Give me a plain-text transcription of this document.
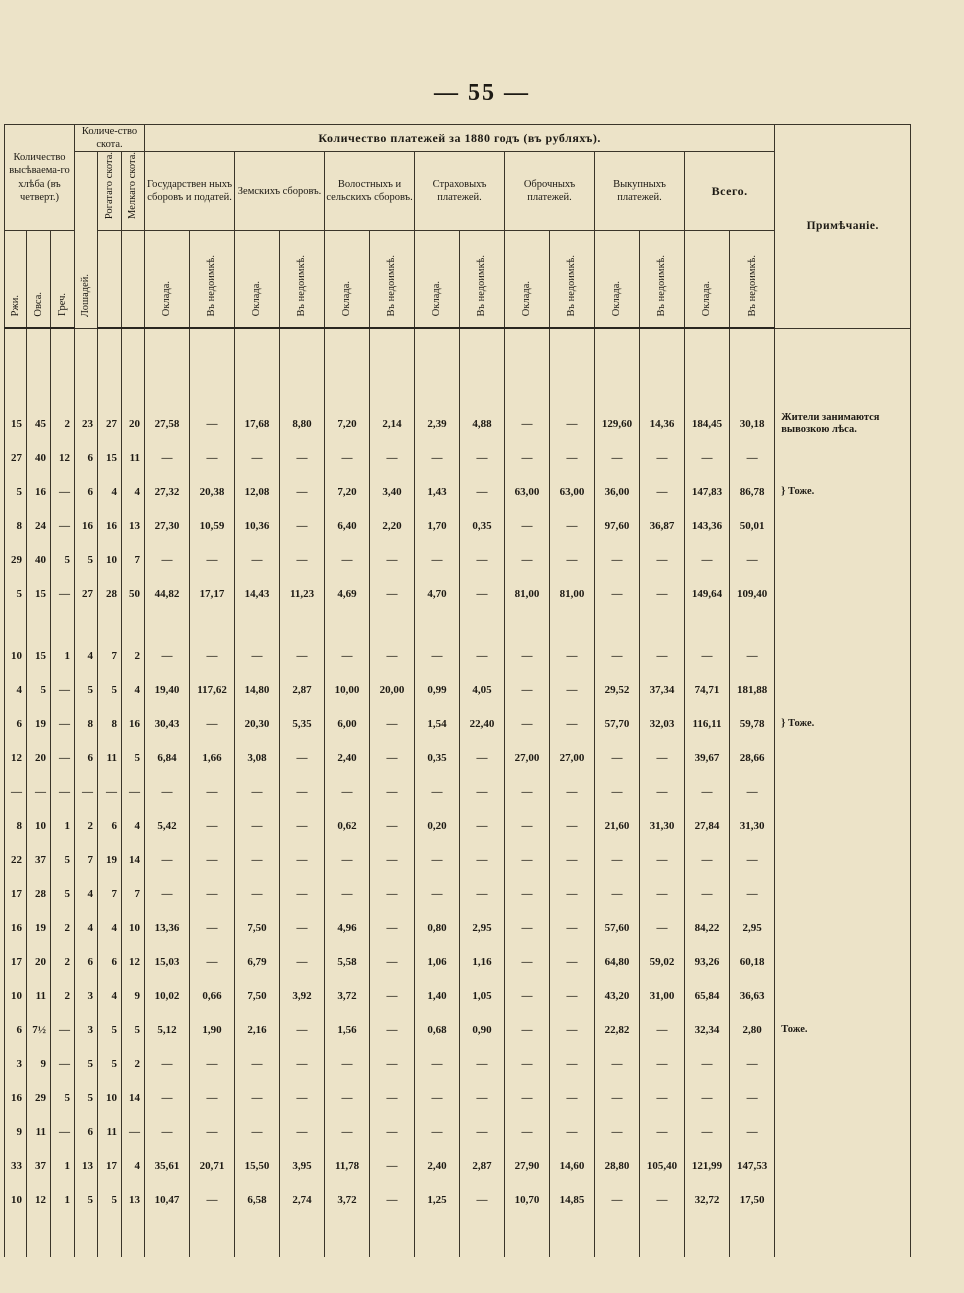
— 55 —
Количество высѣваема-го хлѣба (въ четверт.)			Количе-ство скота.			Количество платежей за 1880 годъ (въ рубляхъ).														Примѣчаніе.
			Лошадей.	Рогатаго скота.	Мелкаго скота.	Государствен ныхъ сборовъ и податей.		Земскихъ сборовъ.		Волостныхъ и сельскихъ сборовъ.		Страховыхъ платежей.		Оброчныхъ платежей.		Выкупныхъ платежей.		Всего.		
Ржи.	Овса.	Греч.				Оклада.	Въ недоимкѣ.	Оклада.	Въ недоимкѣ.	Оклада.	Въ недоимкѣ.	Оклада.	Въ недоимкѣ.	Оклада.	Въ недоимкѣ.	Оклада.	Въ недоимкѣ.	Оклада.	Въ недоимкѣ.	

15	45	2	23	27	20	27,58	—	17,68	8,80	7,20	2,14	2,39	4,88	—	—	129,60	14,36	184,45	30,18	Жители занимаются вывозкою лѣса.
27	40	12	6	15	11	—	—	—	—	—	—	—	—	—	—	—	—	—	—	
5	16	—	6	4	4	27,32	20,38	12,08	—	7,20	3,40	1,43	—	63,00	63,00	36,00	—	147,83	86,78	} Тоже.
8	24	—	16	16	13	27,30	10,59	10,36	—	6,40	2,20	1,70	0,35	—	—	97,60	36,87	143,36	50,01	
29	40	5	5	10	7	—	—	—	—	—	—	—	—	—	—	—	—	—	—	
5	15	—	27	28	50	44,82	17,17	14,43	11,23	4,69	—	4,70	—	81,00	81,00	—	—	149,64	109,40	

10	15	1	4	7	2	—	—	—	—	—	—	—	—	—	—	—	—	—	—	
4	5	—	5	5	4	19,40	117,62	14,80	2,87	10,00	20,00	0,99	4,05	—	—	29,52	37,34	74,71	181,88	
6	19	—	8	8	16	30,43	—	20,30	5,35	6,00	—	1,54	22,40	—	—	57,70	32,03	116,11	59,78	} Тоже.
12	20	—	6	11	5	6,84	1,66	3,08	—	2,40	—	0,35	—	27,00	27,00	—	—	39,67	28,66	
—	—	—	—	—	—	—	—	—	—	—	—	—	—	—	—	—	—	—	—	
8	10	1	2	6	4	5,42	—	—	—	0,62	—	0,20	—	—	—	21,60	31,30	27,84	31,30	
22	37	5	7	19	14	—	—	—	—	—	—	—	—	—	—	—	—	—	—	
17	28	5	4	7	7	—	—	—	—	—	—	—	—	—	—	—	—	—	—	
16	19	2	4	4	10	13,36	—	7,50	—	4,96	—	0,80	2,95	—	—	57,60	—	84,22	2,95	
17	20	2	6	6	12	15,03	—	6,79	—	5,58	—	1,06	1,16	—	—	64,80	59,02	93,26	60,18	
10	11	2	3	4	9	10,02	0,66	7,50	3,92	3,72	—	1,40	1,05	—	—	43,20	31,00	65,84	36,63	
6	7½	—	3	5	5	5,12	1,90	2,16	—	1,56	—	0,68	0,90	—	—	22,82	—	32,34	2,80	Тоже.
3	9	—	5	5	2	—	—	—	—	—	—	—	—	—	—	—	—	—	—	
16	29	5	5	10	14	—	—	—	—	—	—	—	—	—	—	—	—	—	—	
9	11	—	6	11	—	—	—	—	—	—	—	—	—	—	—	—	—	—	—	
33	37	1	13	17	4	35,61	20,71	15,50	3,95	11,78	—	2,40	2,87	27,90	14,60	28,80	105,40	121,99	147,53	
10	12	1	5	5	13	10,47	—	6,58	2,74	3,72	—	1,25	—	10,70	14,85	—	—	32,72	17,50	
